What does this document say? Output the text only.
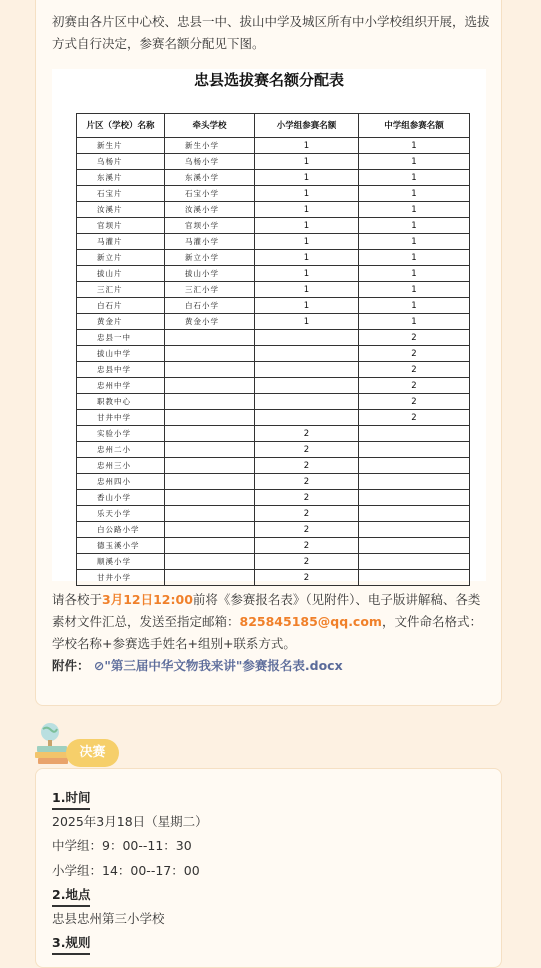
初赛由各片区中心校、忠县一中、拔山中学及城区所有中小学校组织开展，选拔方式自行决定，参赛名额分配见下图。
忠县选拔赛名额分配表
片区（学校）名称	牵头学校	小学组参赛名额	中学组参赛名额
新生片	新生小学	1	1
乌杨片	乌杨小学	1	1
东溪片	东溪小学	1	1
石宝片	石宝小学	1	1
汝溪片	汝溪小学	1	1
官坝片	官坝小学	1	1
马灌片	马灌小学	1	1
新立片	新立小学	1	1
拔山片	拔山小学	1	1
三汇片	三汇小学	1	1
白石片	白石小学	1	1
黄金片	黄金小学	1	1
忠县一中			2
拔山中学			2
忠县中学			2
忠州中学			2
职教中心			2
甘井中学			2
实验小学		2	
忠州二小		2	
忠州三小		2	
忠州四小		2	
香山小学		2	
乐天小学		2	
白公路小学		2	
德玉溪小学		2	
顺溪小学		2	
甘井小学		2	
请各校于3月12日12:00前将《参赛报名表》（见附件）、电子版讲解稿、各类素材文件汇总，发送至指定邮箱：825845185@qq.com，文件命名格式：学校名称+参赛选手姓名+组别+联系方式。
附件： ⊘"第三届中华文物我来讲"参赛报名表.docx
1.时间
2025年3月18日（星期二）
中学组：9：00--11：30
小学组：14：00--17：00
2.地点
忠县忠州第三小学校
3.规则
决赛
